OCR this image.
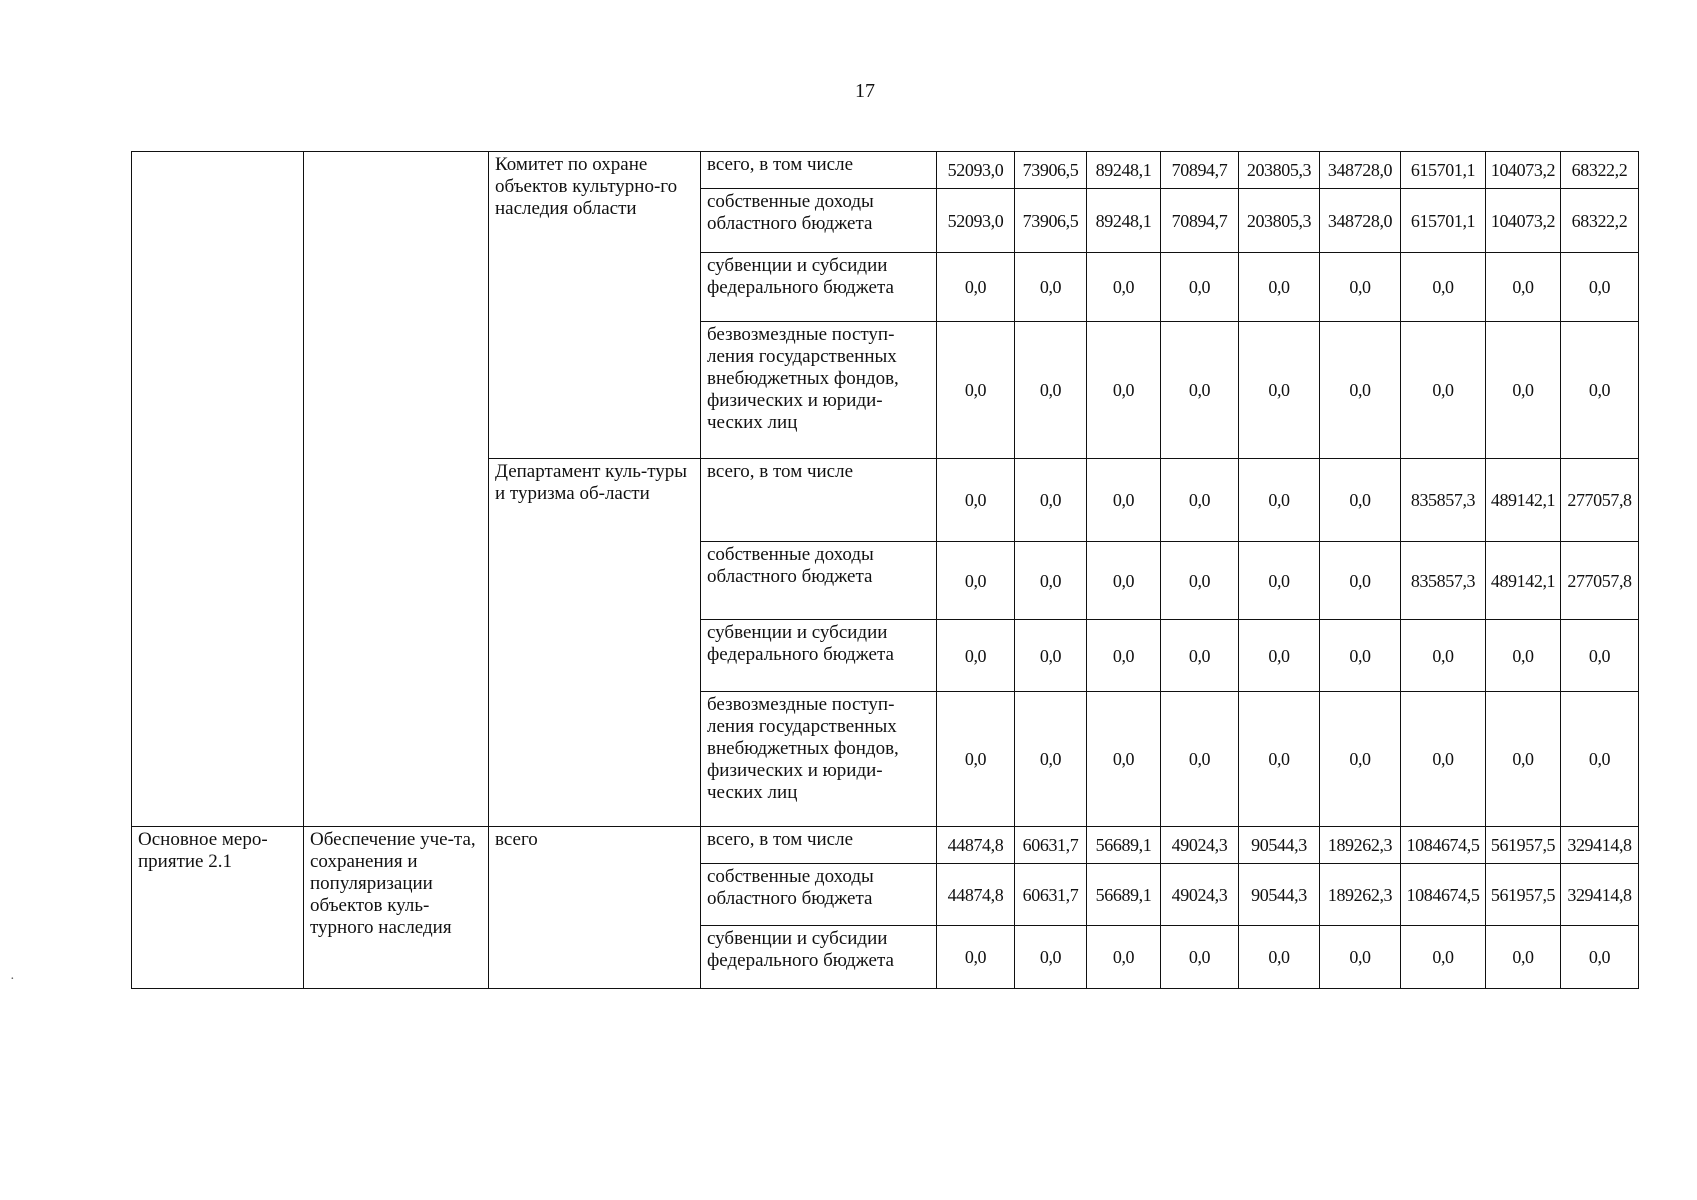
17
		Комитет по охране объектов культурно-го наследия области	всего, в том числе	52093,0	73906,5	89248,1	70894,7	203805,3	348728,0	615701,1	104073,2	68322,2
			собственные доходы областного бюджета	52093,0	73906,5	89248,1	70894,7	203805,3	348728,0	615701,1	104073,2	68322,2
			субвенции и субсидии федерального бюджета	0,0	0,0	0,0	0,0	0,0	0,0	0,0	0,0	0,0
			безвозмездные поступ-ления государственных внебюджетных фондов, физических и юриди-ческих лиц	0,0	0,0	0,0	0,0	0,0	0,0	0,0	0,0	0,0
		Департамент куль-туры и туризма об-ласти	всего, в том числе	0,0	0,0	0,0	0,0	0,0	0,0	835857,3	489142,1	277057,8
			собственные доходы областного бюджета	0,0	0,0	0,0	0,0	0,0	0,0	835857,3	489142,1	277057,8
			субвенции и субсидии федерального бюджета	0,0	0,0	0,0	0,0	0,0	0,0	0,0	0,0	0,0
			безвозмездные поступ-ления государственных внебюджетных фондов, физических и юриди-ческих лиц	0,0	0,0	0,0	0,0	0,0	0,0	0,0	0,0	0,0
Основное меро-приятие 2.1	Обеспечение уче-та, сохранения и популяризации объектов куль-турного наследия	всего	всего, в том числе	44874,8	60631,7	56689,1	49024,3	90544,3	189262,3	1084674,5	561957,5	329414,8
			собственные доходы областного бюджета	44874,8	60631,7	56689,1	49024,3	90544,3	189262,3	1084674,5	561957,5	329414,8
			субвенции и субсидии федерального бюджета	0,0	0,0	0,0	0,0	0,0	0,0	0,0	0,0	0,0
·
